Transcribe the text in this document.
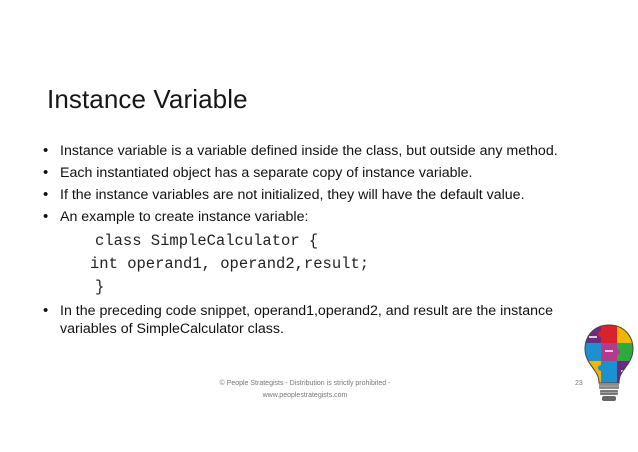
Instance Variable
• Instance variable is a variable defined inside the class, but outside any method.
• Each instantiated object has a separate copy of instance variable.
• If the instance variables are not initialized, they will have the default value.
• An example to create instance variable:
class SimpleCalculator {
int operand1, operand2,result;
}
• In the preceding code snippet, operand1,operand2, and result are the instance variables of SimpleCalculator class.
© People Strategists - Distribution is strictly prohibited -
www.peoplestrategists.com
23
